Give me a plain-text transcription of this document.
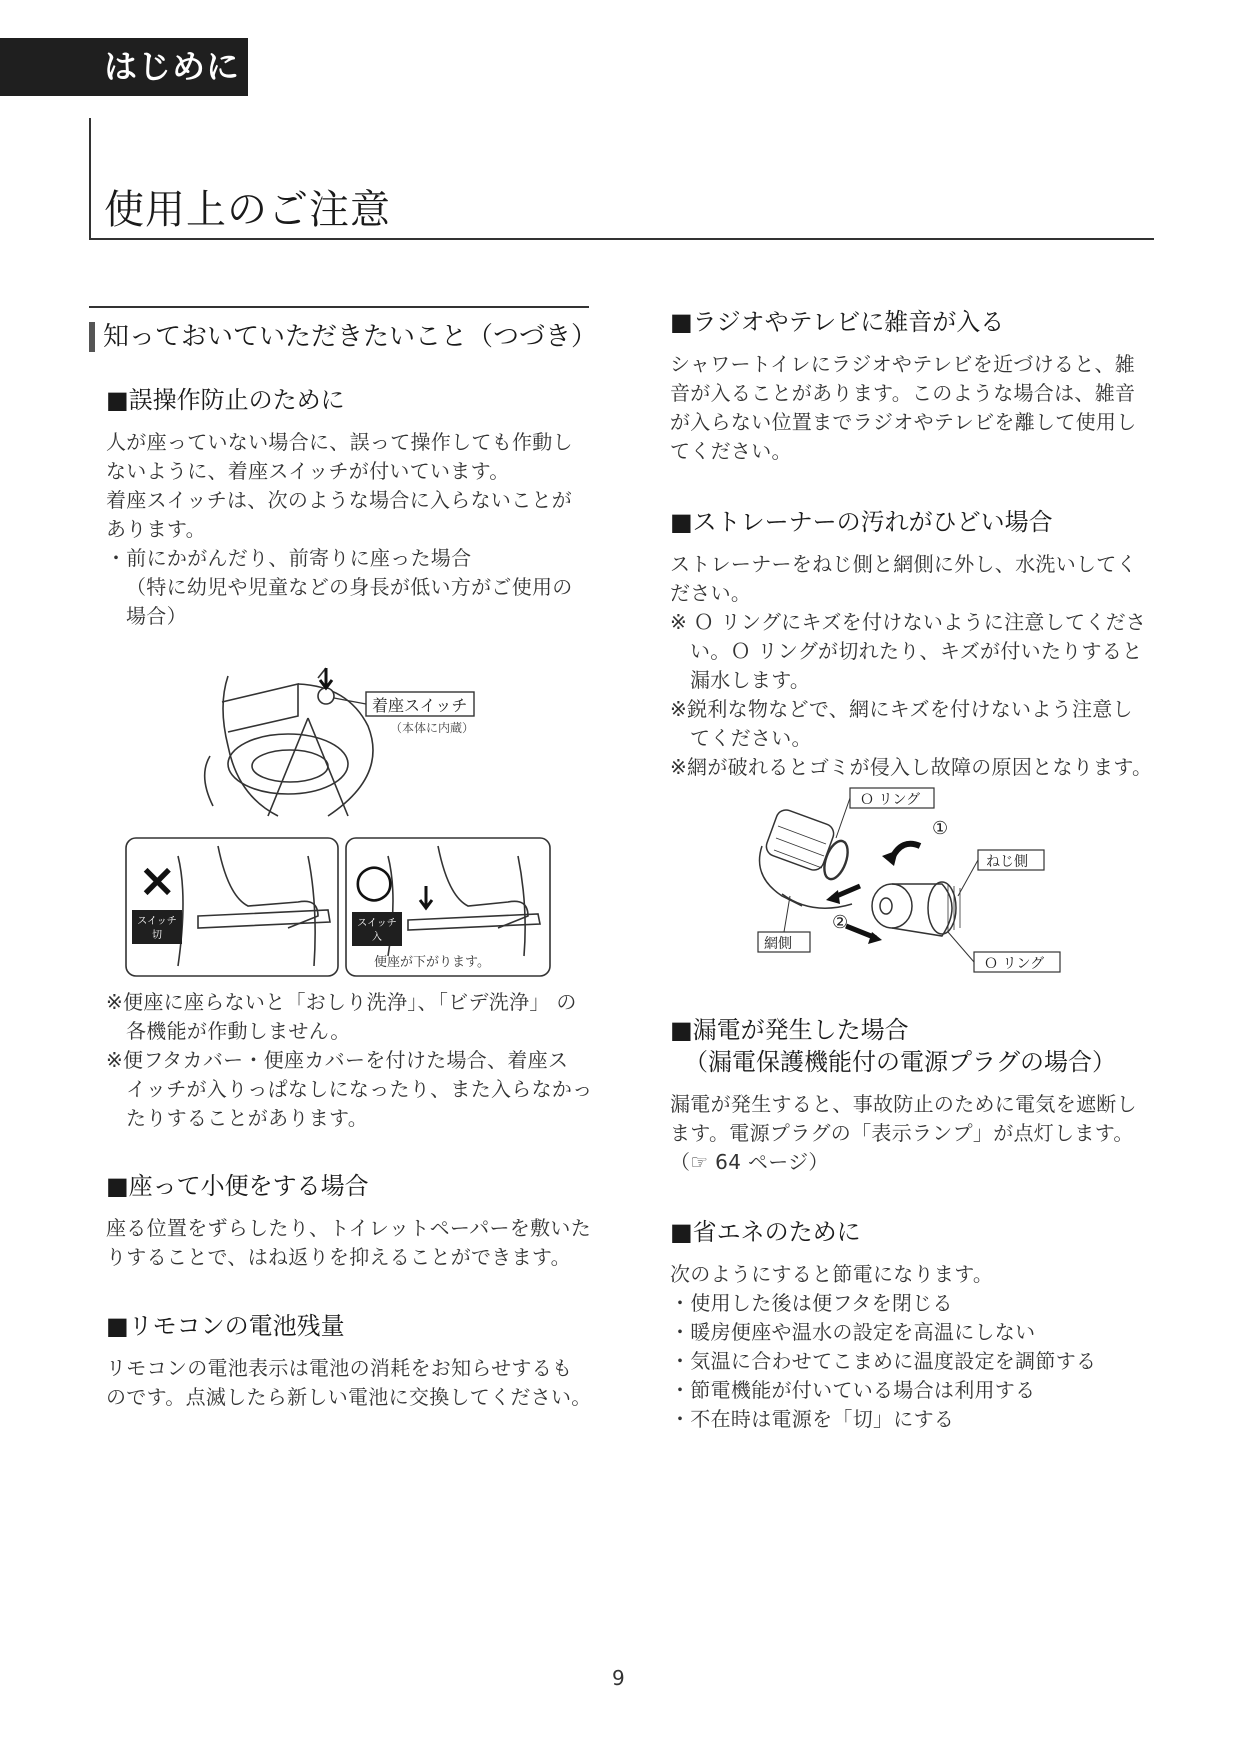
はじめに
使用上のご注意
知っておいていただきたいこと（つづき）
■誤操作防止のために
人が座っていない場合に、誤って操作しても作動し
ないように、着座スイッチが付いています。
着座スイッチは、次のような場合に入らないことが
あります。
・前にかがんだり、前寄りに座った場合
（特に幼児や児童などの身長が低い方がご使用の
場合）
着座スイッチ
（本体に内蔵）
×
スイッチ
切
○
スイッチ
入
便座が下がります。
※便座に座らないと「おしり洗浄」、「ビデ洗浄」 の
各機能が作動しません。
※便フタカバー・便座カバーを付けた場合、着座ス
イッチが入りっぱなしになったり、また入らなかっ
たりすることがあります。
■座って小便をする場合
座る位置をずらしたり、トイレットペーパーを敷いた
りすることで、はね返りを抑えることができます。
■リモコンの電池残量
リモコンの電池表示は電池の消耗をお知らせするも
のです。点滅したら新しい電池に交換してください。
■ラジオやテレビに雑音が入る
シャワートイレにラジオやテレビを近づけると、雑
音が入ることがあります。このような場合は、雑音
が入らない位置までラジオやテレビを離して使用し
てください。
■ストレーナーの汚れがひどい場合
ストレーナーをねじ側と網側に外し、水洗いしてく
ださい。
※ Ｏ リングにキズを付けないように注意してくださ
い。Ｏ リングが切れたり、キズが付いたりすると
漏水します。
※鋭利な物などで、網にキズを付けないよう注意し
てください。
※網が破れるとゴミが侵入し故障の原因となります。
Ｏ リング
①
ねじ側
②
網側
Ｏ リング
■漏電が発生した場合
（漏電保護機能付の電源プラグの場合）
漏電が発生すると、事故防止のために電気を遮断し
ます。電源プラグの「表示ランプ」が点灯します。
（☞ 64 ページ）
■省エネのために
次のようにすると節電になります。
・使用した後は便フタを閉じる
・暖房便座や温水の設定を高温にしない
・気温に合わせてこまめに温度設定を調節する
・節電機能が付いている場合は利用する
・不在時は電源を「切」にする
9
